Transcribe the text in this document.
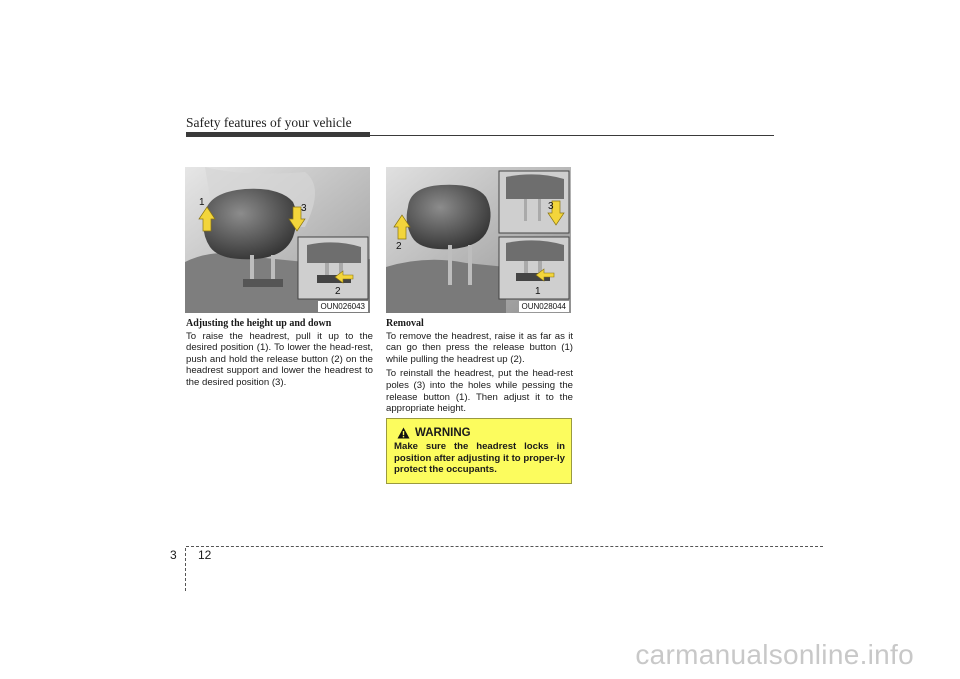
Safety features of your vehicle
1
3
2
OUN026043
2
3
1
OUN028044
Adjusting the height up and down

To raise the headrest, pull it up to the desired position (1). To lower the head-rest, push and hold the release button (2) on the headrest support and lower the headrest to the desired position (3).

Removal

To remove the headrest, raise it as far as it can go then press the release button (1) while pulling the headrest up (2).

To reinstall the headrest, put the head-rest poles (3) into the holes while pessing the release button (1). Then adjust it to the appropriate height.

WARNING
Make sure the headrest locks in position after adjusting it to proper-ly protect the occupants.
3 12
carmanualsonline.info
